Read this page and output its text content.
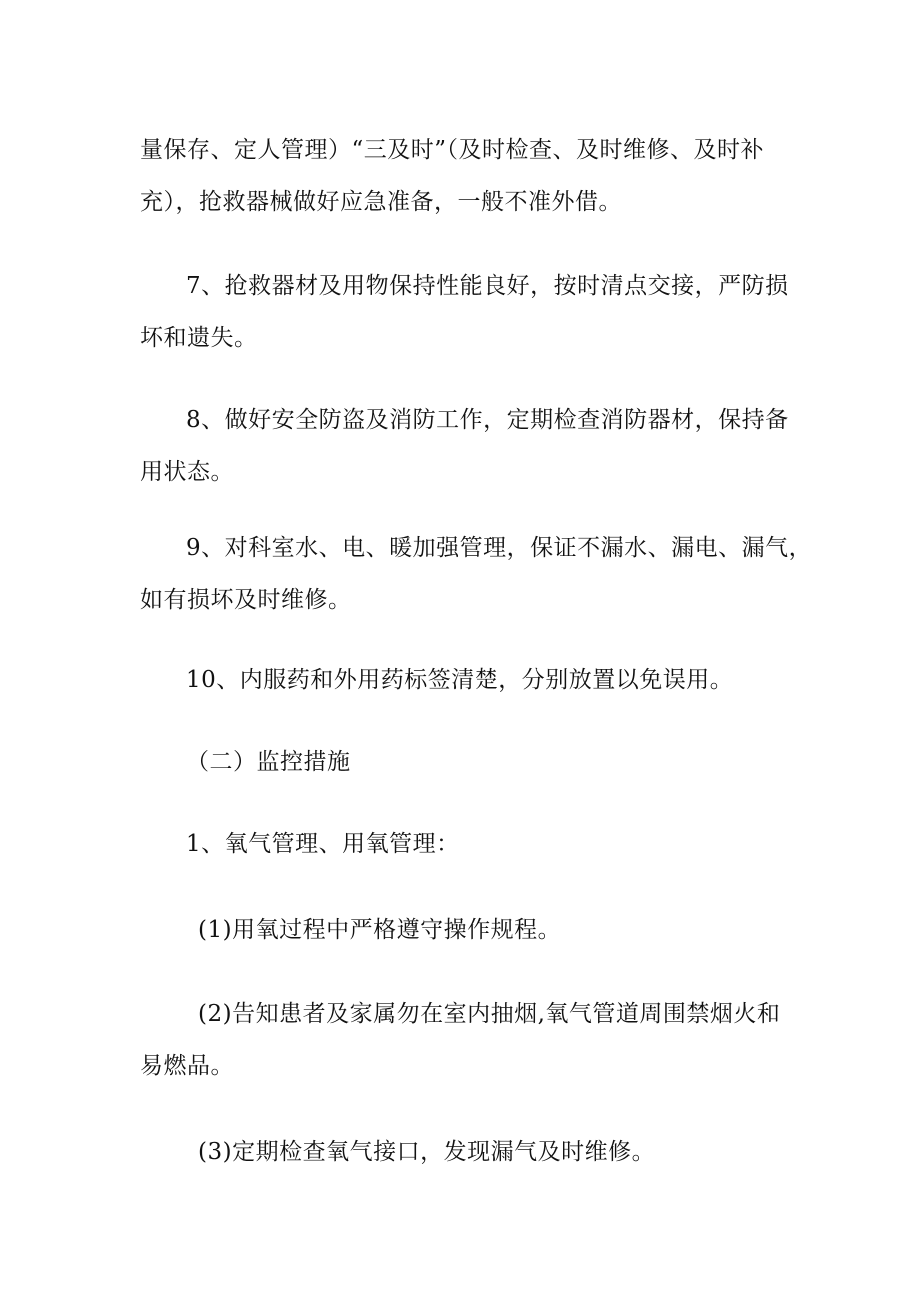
量保存、定人管理）“三及时”（及时检查、及时维修、及时补
充），抢救器械做好应急准备，一般不准外借。
7、抢救器材及用物保持性能良好，按时清点交接，严防损
坏和遗失。
8、做好安全防盗及消防工作，定期检查消防器材，保持备
用状态。
9、对科室水、电、暖加强管理，保证不漏水、漏电、漏气，
如有损坏及时维修。
10、内服药和外用药标签清楚，分别放置以免误用。
（二）监控措施
1、氧气管理、用氧管理：
(1)用氧过程中严格遵守操作规程。
(2)告知患者及家属勿在室内抽烟,氧气管道周围禁烟火和
易燃品。
(3)定期检查氧气接口，发现漏气及时维修。
